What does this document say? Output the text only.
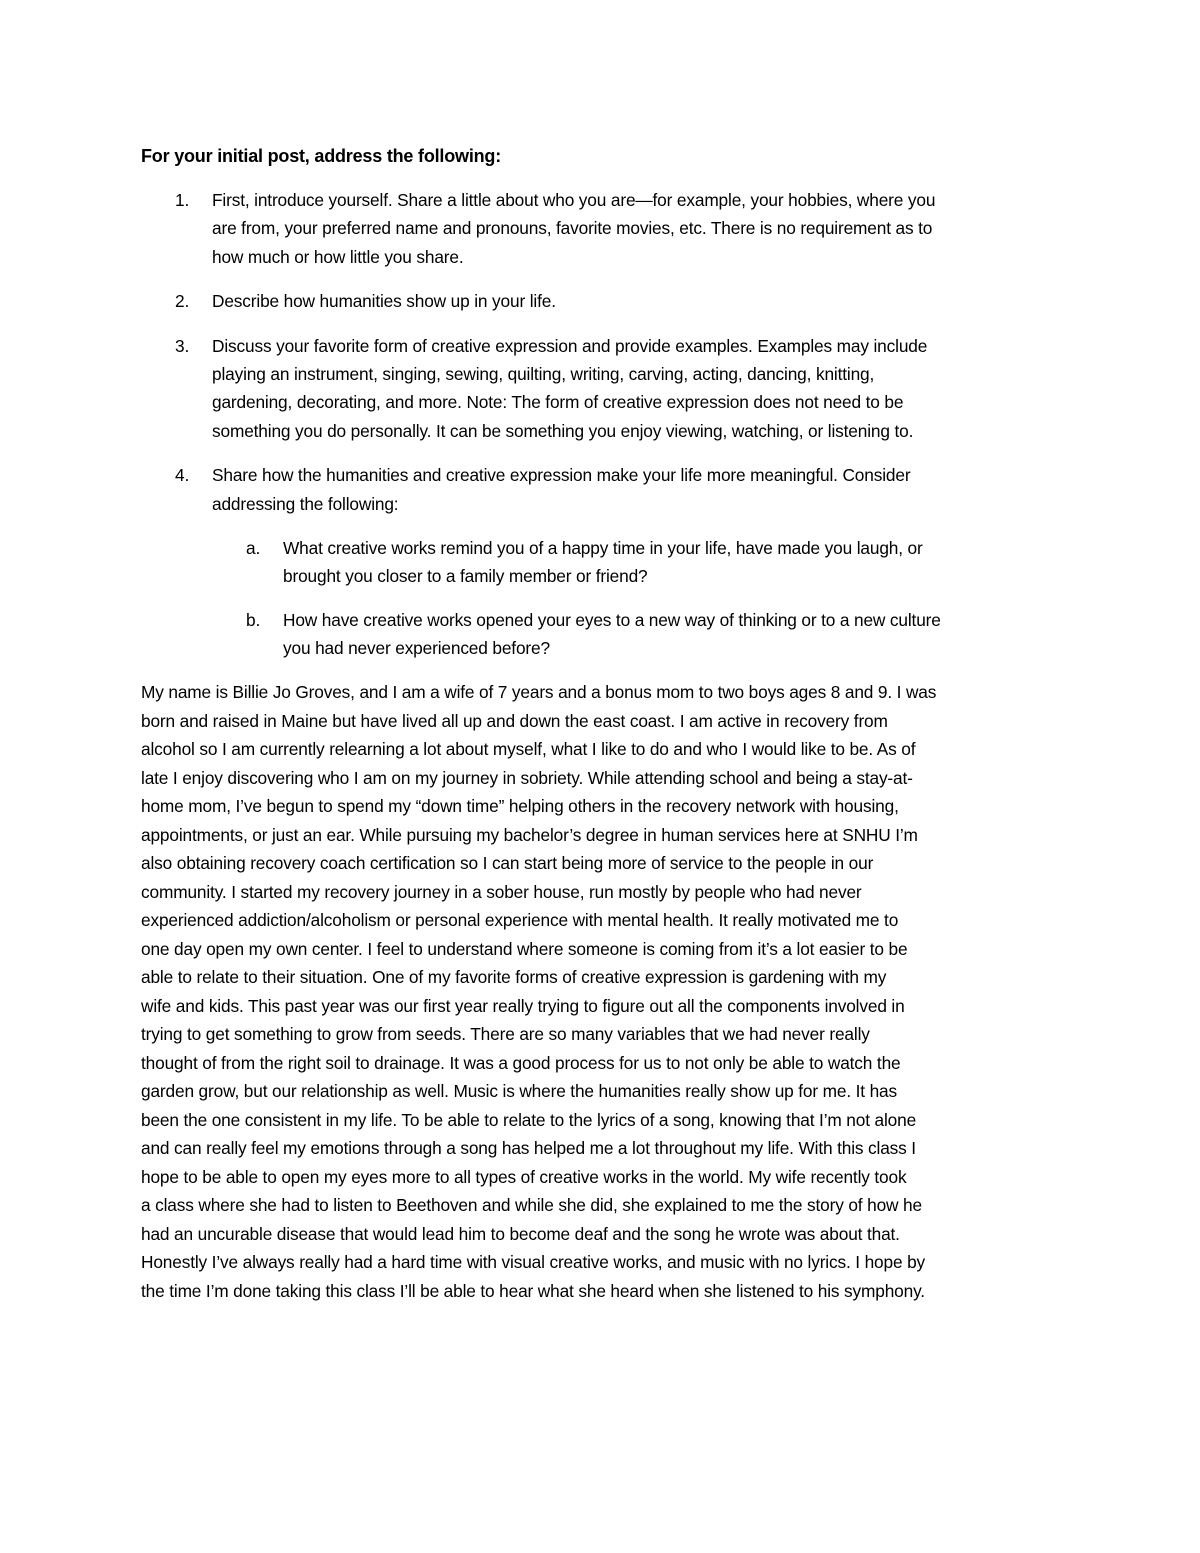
For your initial post, address the following:
1. First, introduce yourself. Share a little about who you are—for example, your hobbies, where you
are from, your preferred name and pronouns, favorite movies, etc. There is no requirement as to
how much or how little you share.
2. Describe how humanities show up in your life.
3. Discuss your favorite form of creative expression and provide examples. Examples may include
playing an instrument, singing, sewing, quilting, writing, carving, acting, dancing, knitting,
gardening, decorating, and more. Note: The form of creative expression does not need to be
something you do personally. It can be something you enjoy viewing, watching, or listening to.
4. Share how the humanities and creative expression make your life more meaningful. Consider
addressing the following:
a. What creative works remind you of a happy time in your life, have made you laugh, or
brought you closer to a family member or friend?
b. How have creative works opened your eyes to a new way of thinking or to a new culture
you had never experienced before?
My name is Billie Jo Groves, and I am a wife of 7 years and a bonus mom to two boys ages 8 and 9. I was
born and raised in Maine but have lived all up and down the east coast. I am active in recovery from
alcohol so I am currently relearning a lot about myself, what I like to do and who I would like to be. As of
late I enjoy discovering who I am on my journey in sobriety. While attending school and being a stay-at-
home mom, I’ve begun to spend my “down time” helping others in the recovery network with housing,
appointments, or just an ear. While pursuing my bachelor’s degree in human services here at SNHU I’m
also obtaining recovery coach certification so I can start being more of service to the people in our
community. I started my recovery journey in a sober house, run mostly by people who had never
experienced addiction/alcoholism or personal experience with mental health. It really motivated me to
one day open my own center. I feel to understand where someone is coming from it’s a lot easier to be
able to relate to their situation. One of my favorite forms of creative expression is gardening with my
wife and kids. This past year was our first year really trying to figure out all the components involved in
trying to get something to grow from seeds. There are so many variables that we had never really
thought of from the right soil to drainage. It was a good process for us to not only be able to watch the
garden grow, but our relationship as well. Music is where the humanities really show up for me. It has
been the one consistent in my life. To be able to relate to the lyrics of a song, knowing that I’m not alone
and can really feel my emotions through a song has helped me a lot throughout my life. With this class I
hope to be able to open my eyes more to all types of creative works in the world. My wife recently took
a class where she had to listen to Beethoven and while she did, she explained to me the story of how he
had an uncurable disease that would lead him to become deaf and the song he wrote was about that.
Honestly I’ve always really had a hard time with visual creative works, and music with no lyrics. I hope by
the time I’m done taking this class I’ll be able to hear what she heard when she listened to his symphony.
